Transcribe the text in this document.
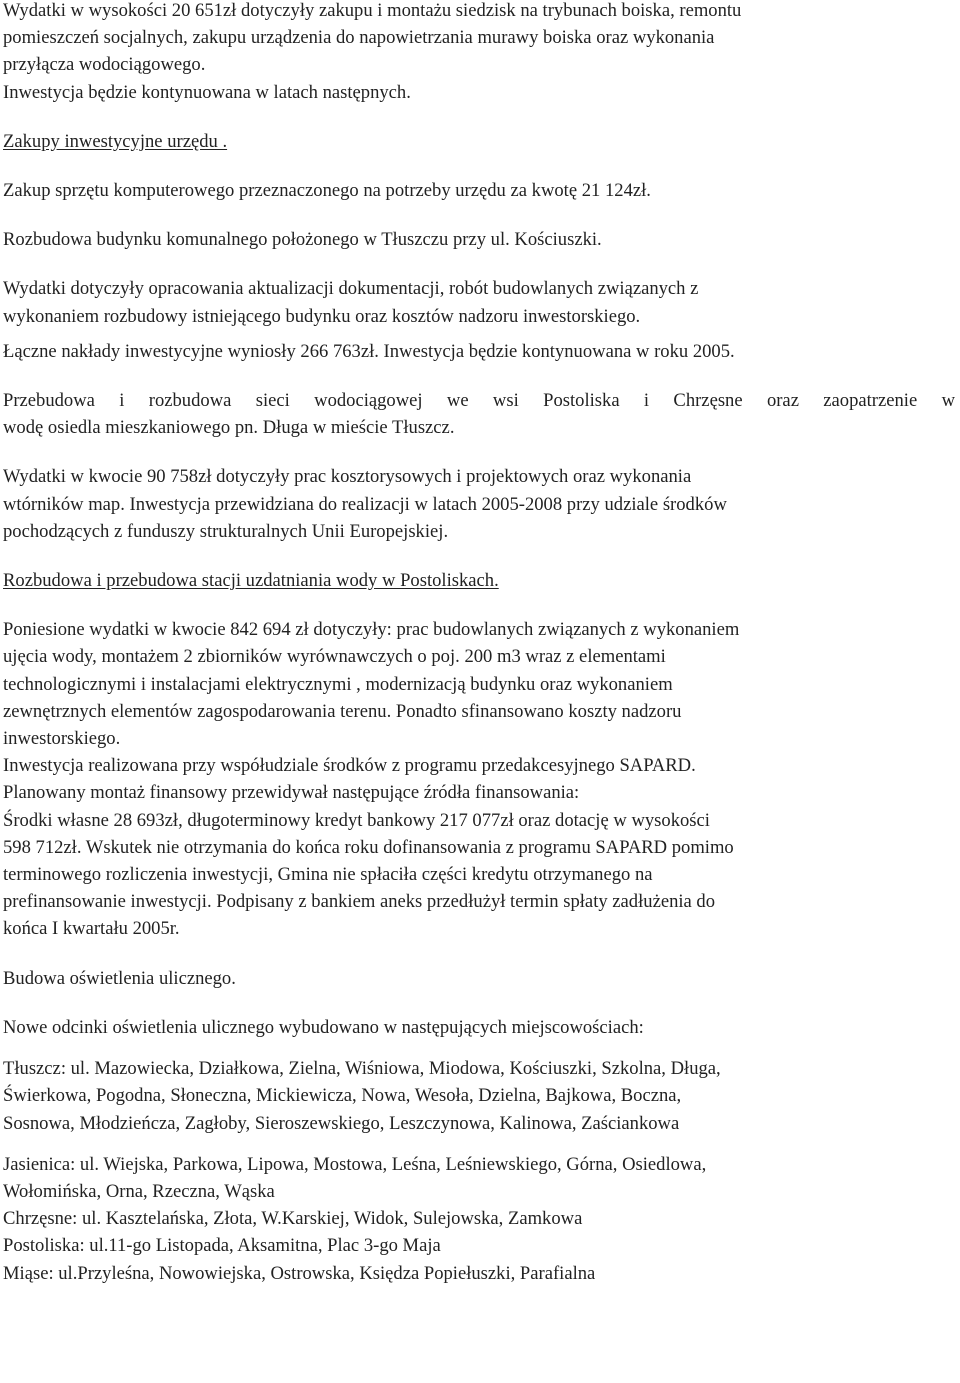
Wydatki w wysokości 20 651zł dotyczyły zakupu i montażu siedzisk na trybunach boiska, remontu
pomieszczeń socjalnych, zakupu urządzenia do napowietrzania murawy boiska oraz wykonania
przyłącza wodociągowego.
Inwestycja będzie kontynuowana w latach następnych.
Zakupy inwestycyjne urzędu .
Zakup sprzętu komputerowego przeznaczonego na potrzeby urzędu za kwotę 21 124zł.
Rozbudowa budynku komunalnego położonego w Tłuszczu przy ul. Kościuszki.
Wydatki dotyczyły opracowania aktualizacji dokumentacji, robót budowlanych związanych z
wykonaniem rozbudowy istniejącego budynku oraz kosztów nadzoru inwestorskiego.
Łączne nakłady inwestycyjne wyniosły 266 763zł. Inwestycja będzie kontynuowana w roku 2005.
Przebudowa i rozbudowa sieci wodociągowej we wsi Postoliska i Chrzęsne oraz zaopatrzenie w
wodę osiedla mieszkaniowego pn. Długa w mieście Tłuszcz.
Wydatki w kwocie 90 758zł dotyczyły prac kosztorysowych i projektowych oraz wykonania
wtórników map. Inwestycja przewidziana do realizacji w latach 2005-2008 przy udziale środków
pochodzących z funduszy strukturalnych Unii Europejskiej.
Rozbudowa i przebudowa stacji uzdatniania wody w Postoliskach.
Poniesione wydatki w kwocie 842 694 zł dotyczyły: prac budowlanych związanych z wykonaniem
ujęcia wody, montażem 2 zbiorników wyrównawczych o poj. 200 m3 wraz z elementami
technologicznymi i instalacjami elektrycznymi , modernizacją budynku oraz wykonaniem
zewnętrznych elementów zagospodarowania terenu. Ponadto sfinansowano koszty nadzoru
inwestorskiego.
Inwestycja realizowana przy współudziale środków z programu przedakcesyjnego SAPARD.
Planowany montaż finansowy przewidywał następujące źródła finansowania:
Środki własne 28 693zł, długoterminowy kredyt bankowy 217 077zł oraz dotację w wysokości
598 712zł. Wskutek nie otrzymania do końca roku dofinansowania z programu SAPARD pomimo
terminowego rozliczenia inwestycji, Gmina nie spłaciła części kredytu otrzymanego na
prefinansowanie inwestycji. Podpisany z bankiem aneks przedłużył termin spłaty zadłużenia do
końca I kwartału 2005r.
Budowa oświetlenia ulicznego.
Nowe odcinki oświetlenia ulicznego wybudowano w następujących miejscowościach:
Tłuszcz: ul. Mazowiecka, Działkowa, Zielna, Wiśniowa, Miodowa, Kościuszki, Szkolna, Długa,
Świerkowa, Pogodna, Słoneczna, Mickiewicza, Nowa, Wesoła, Dzielna, Bajkowa, Boczna,
Sosnowa, Młodzieńcza, Zagłoby, Sieroszewskiego, Leszczynowa, Kalinowa, Zaściankowa
Jasienica: ul. Wiejska, Parkowa, Lipowa, Mostowa, Leśna, Leśniewskiego, Górna, Osiedlowa,
Wołomińska, Orna, Rzeczna, Wąska
Chrzęsne: ul. Kasztelańska, Złota, W.Karskiej, Widok, Sulejowska, Zamkowa
Postoliska: ul.11-go Listopada, Aksamitna, Plac 3-go Maja
Miąse: ul.Przyleśna, Nowowiejska, Ostrowska, Księdza Popiełuszki, Parafialna
